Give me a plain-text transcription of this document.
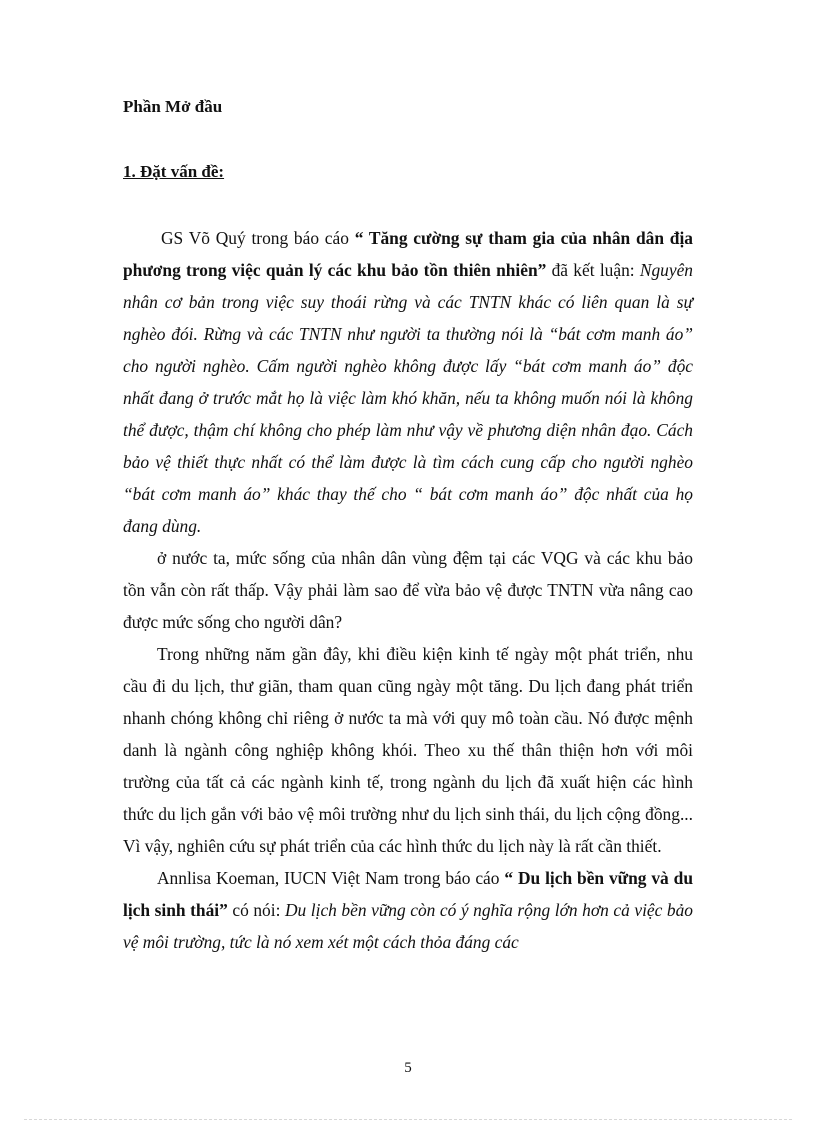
Phần Mở đầu
1. Đặt vấn đề:

GS Võ Quý trong báo cáo “ Tăng cường sự tham gia của nhân dân địa phương trong việc quản lý các khu bảo tồn thiên nhiên” đã kết luận: Nguyên nhân cơ bản trong việc suy thoái rừng và các TNTN khác có liên quan là sự nghèo đói. Rừng và các TNTN như người ta thường nói là “bát cơm manh áo” cho người nghèo. Cấm người nghèo không được lấy “bát cơm manh áo” độc nhất đang ở trước mắt họ là việc làm khó khăn, nếu ta không muốn nói là không thể được, thậm chí không cho phép làm như vậy về phương diện nhân đạo. Cách bảo vệ thiết thực nhất có thể làm được là tìm cách cung cấp cho người nghèo “bát cơm manh áo” khác thay thế cho “ bát cơm manh áo” độc nhất của họ đang dùng.

ở nước ta, mức sống của nhân dân vùng đệm tại các VQG và các khu bảo tồn vẫn còn rất thấp. Vậy phải làm sao để vừa bảo vệ được TNTN vừa nâng cao được mức sống cho người dân?

Trong những năm gần đây, khi điều kiện kinh tế ngày một phát triển, nhu cầu đi du lịch, thư giãn, tham quan cũng ngày một tăng. Du lịch đang phát triển nhanh chóng không chỉ riêng ở nước ta mà với quy mô toàn cầu. Nó được mệnh danh là ngành công nghiệp không khói. Theo xu thế thân thiện hơn với môi trường của tất cả các ngành kinh tế, trong ngành du lịch đã xuất hiện các hình thức du lịch gắn với bảo vệ môi trường như du lịch sinh thái, du lịch cộng đồng... Vì vậy, nghiên cứu sự phát triển của các hình thức du lịch này là rất cần thiết.

Annlisa Koeman, IUCN Việt Nam trong báo cáo “ Du lịch bền vững và du lịch sinh thái” có nói: Du lịch bền vững còn có ý nghĩa rộng lớn hơn cả việc bảo vệ môi trường, tức là nó xem xét một cách thỏa đáng các

5
